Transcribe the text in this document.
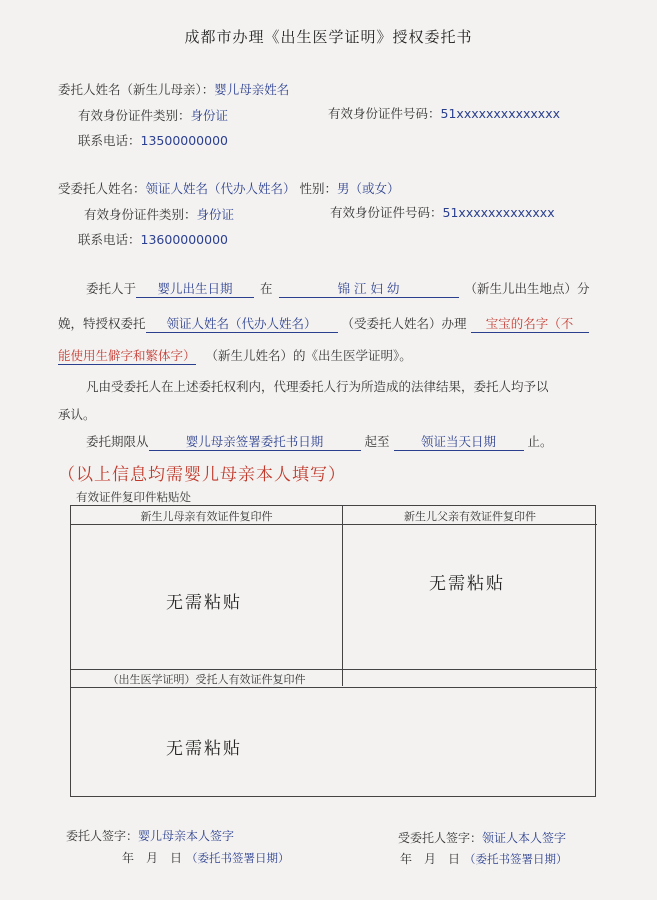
成都市办理《出生医学证明》授权委托书
委托人姓名（新生儿母亲）：婴儿母亲姓名
有效身份证件类别：身份证	有效身份证件号码：51xxxxxxxxxxxxxx
联系电话：13500000000
受委托人姓名：领证人姓名（代办人姓名） 性别：男（或女）
有效身份证件类别：身份证	有效身份证件号码：51xxxxxxxxxxxxx
联系电话：13600000000
委托人于 婴儿出生日期 在	锦 江 妇 幼	（新生儿出生地点）分
娩，特授权委托 领证人姓名（代办人姓名） （受委托人姓名）办理 宝宝的名字（不
能使用生僻字和繁体字） （新生儿姓名）的《出生医学证明》。
凡由受委托人在上述委托权利内，代理委托人行为所造成的法律结果，委托人均予以
承认。
委托期限从	婴儿母亲签署委托书日期	起至	领证当天日期	止。
（以上信息均需婴儿母亲本人填写）
有效证件复印件粘贴处
新生儿母亲有效证件复印件	新生儿父亲有效证件复印件
（出生医学证明）受托人有效证件复印件
无需粘贴
无需粘贴
无需粘贴
委托人签字：婴儿母亲本人签字
年　月　日 （委托书签署日期）
受委托人签字：领证人本人签字
年　月　日 （委托书签署日期）
